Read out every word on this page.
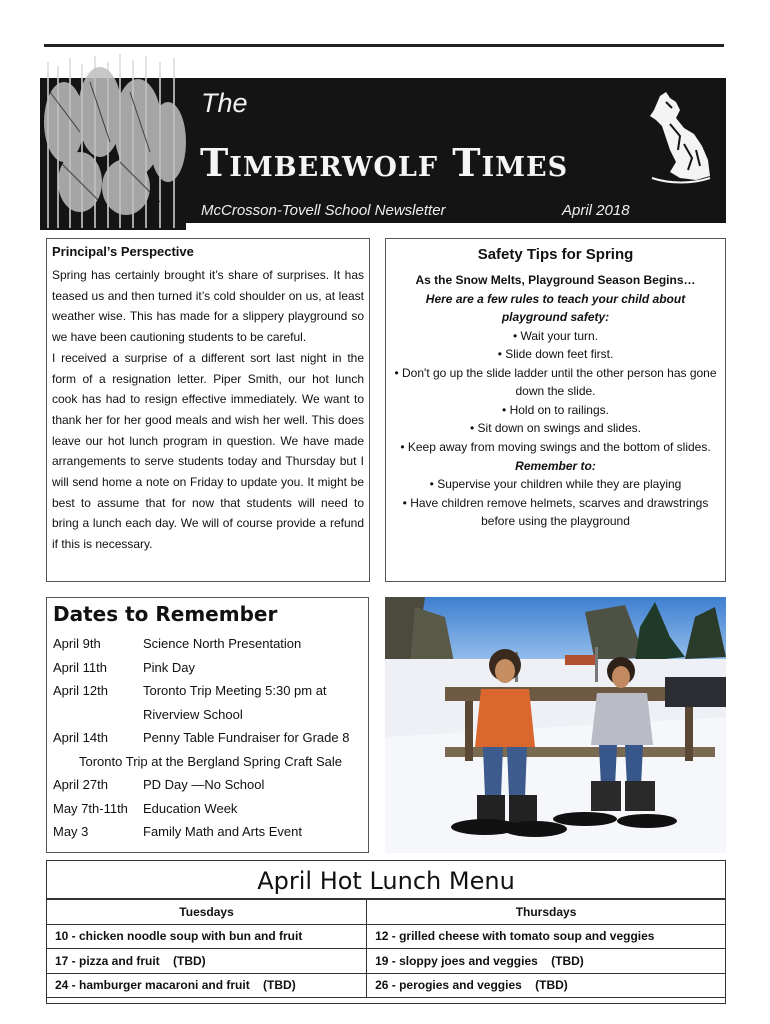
The
Timberwolf Times
McCrosson-Tovell School Newsletter	April 2018
Principal’s Perspective

Spring has certainly brought it’s share of surprises. It has teased us and then turned it’s cold shoulder on us, at least weather wise. This has made for a slippery playground so we have been cautioning students to be careful.

I received a surprise of a different sort last night in the form of a resignation letter. Piper Smith, our hot lunch cook has had to resign effective immediately. We want to thank her for her good meals and wish her well. This does leave our hot lunch program in question. We have made arrangements to serve students today and Thursday but I will send home a note on Friday to update you. It might be best to assume that for now that students will need to bring a lunch each day. We will of course provide a refund if this is necessary.

Safety Tips for Spring
As the Snow Melts, Playground Season Begins…
Here are a few rules to teach your child about playground safety:
• Wait your turn.
• Slide down feet first.
• Don't go up the slide ladder until the other person has gone down the slide.
• Hold on to railings.
• Sit down on swings and slides.
• Keep away from moving swings and the bottom of slides.
Remember to:
• Supervise your children while they are playing
• Have children remove helmets, scarves and drawstrings before using the playground
Dates to Remember
April 9th	Science North Presentation
April 11th	Pink Day
April 12th	Toronto Trip Meeting 5:30 pm at Riverview School
April 14th	Penny Table Fundraiser for Grade 8
Toronto Trip at the Bergland Spring Craft Sale
April 27th	PD Day —No School
May 7th-11th	Education Week
May 3	Family Math and Arts Event
April Hot Lunch Menu
Tuesdays	Thursdays
10 - chicken noodle soup with bun and fruit	12 - grilled cheese with tomato soup and veggies
17 - pizza and fruit    (TBD)	19 - sloppy joes and veggies    (TBD)
24 - hamburger macaroni and fruit    (TBD)	26 - perogies and veggies    (TBD)
